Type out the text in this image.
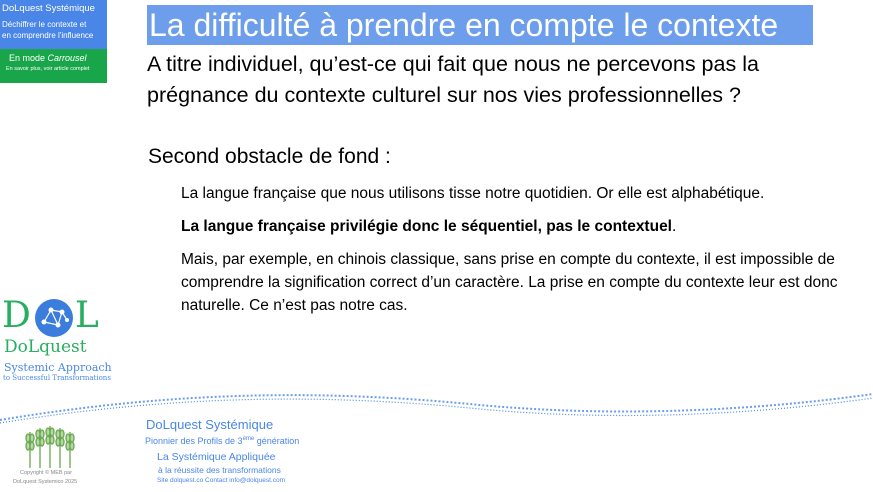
DoLquest Systémique
Déchiffrer le contexte et
en comprendre l'influence
En mode Carrousel
En savoir plus, voir article complet
La difficulté à prendre en compte le contexte
A titre individuel, qu’est-ce qui fait que nous ne percevons pas la prégnance du contexte culturel sur nos vies professionnelles ?
Second obstacle de fond :
La langue française que nous utilisons tisse notre quotidien. Or elle est alphabétique.
La langue française privilégie donc le séquentiel, pas le contextuel.
Mais, par exemple, en chinois classique, sans prise en compte du contexte, il est impossible de comprendre la signification correct d’un caractère. La prise en compte du contexte leur est donc naturelle. Ce n’est pas notre cas.
D L
DoLquest
Systemic Approach
to Successful Transformations
Copyright © MEB par
DoLquest Systemico 2025
DoLquest Systémique
Pionnier des Profils de 3ème génération
La Systémique Appliquée
à la réussite des transformations
Site dolquest.co Contact info@dolquest.com
